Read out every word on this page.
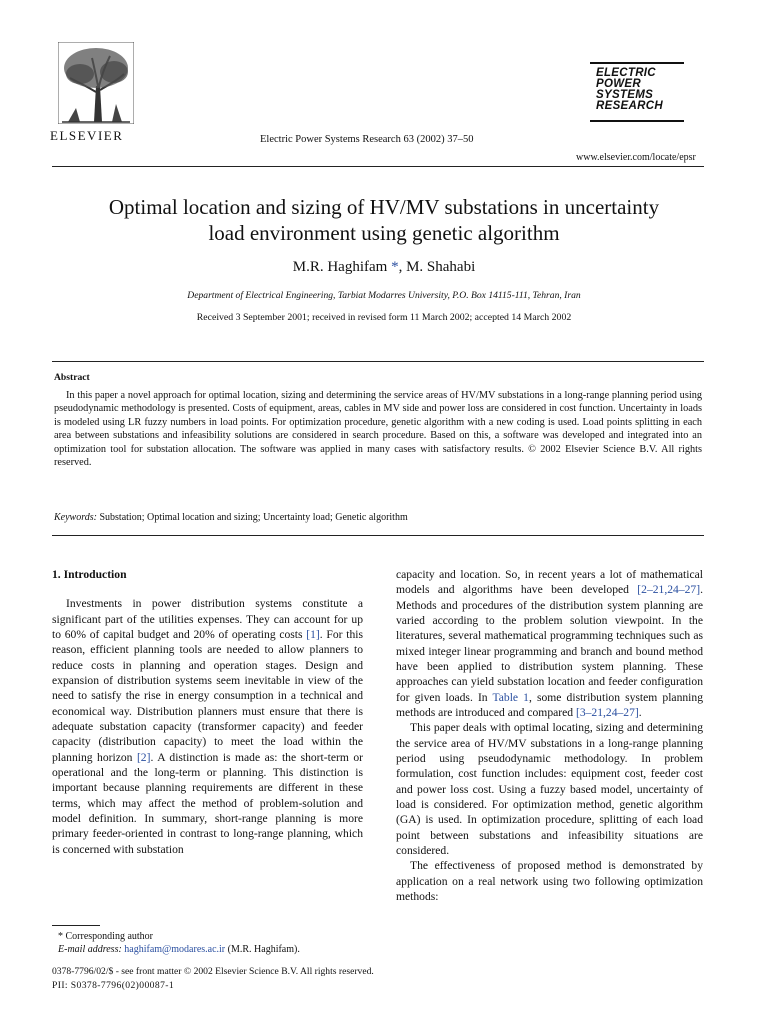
ELSEVIER	Electric Power Systems Research 63 (2002) 37–50
ELECTRIC
POWER
SYSTEMS
RESEARCH
www.elsevier.com/locate/epsr
Optimal location and sizing of HV/MV substations in uncertainty
load environment using genetic algorithm
M.R. Haghifam *, M. Shahabi
Department of Electrical Engineering, Tarbiat Modarres University, P.O. Box 14115-111, Tehran, Iran
Received 3 September 2001; received in revised form 11 March 2002; accepted 14 March 2002
Abstract
In this paper a novel approach for optimal location, sizing and determining the service areas of HV/MV substations in a long-range planning period using pseudodynamic methodology is presented. Costs of equipment, areas, cables in MV side and power loss are considered in cost function. Uncertainty in loads is modeled using LR fuzzy numbers in load points. For optimization procedure, genetic algorithm with a new coding is used. Load points splitting in each area between substations and infeasibility solutions are considered in search procedure. Based on this, a software was developed and integrated into an optimization tool for substation allocation. The software was applied in many cases with satisfactory results. © 2002 Elsevier Science B.V. All rights reserved.
Keywords: Substation; Optimal location and sizing; Uncertainty load; Genetic algorithm

1. Introduction

Investments in power distribution systems constitute a significant part of the utilities expenses. They can account for up to 60% of capital budget and 20% of operating costs [1]. For this reason, efficient planning tools are needed to allow planners to reduce costs in planning and operation stages. Design and expansion of distribution systems seem inevitable in view of the need to satisfy the rise in energy consumption in a technical and economical way. Distribution planners must ensure that there is adequate substation capacity (transformer capacity) and feeder capacity (distribution capacity) to meet the load within the planning horizon [2]. A distinction is made as: the short-term or operational and the long-term or planning. This distinction is important because planning requirements are different in these terms, which may affect the method of problem-solution and model definition. In summary, short-range planning is more primary feeder-oriented in contrast to long-range planning, which is concerned with substation

capacity and location. So, in recent years a lot of mathematical models and algorithms have been developed [2–21,24–27]. Methods and procedures of the distribution system planning are varied according to the problem solution viewpoint. In the literatures, several mathematical programming techniques such as mixed integer linear programming and branch and bound method have been applied to distribution system planning. These approaches can yield substation location and feeder configuration for given loads. In Table 1, some distribution system planning methods are introduced and compared [3–21,24–27].

This paper deals with optimal locating, sizing and determining the service area of HV/MV substations in a long-range planning period using pseudodynamic methodology. In problem formulation, cost function includes: equipment cost, feeder cost and power loss cost. Using a fuzzy based model, uncertainty of load is considered. For optimization method, genetic algorithm (GA) is used. In optimization procedure, splitting of each load point between substations and infeasibility situations are considered.

The effectiveness of proposed method is demonstrated by application on a real network using two following optimization methods:

* Corresponding author
E-mail address: haghifam@modares.ac.ir (M.R. Haghifam).
0378-7796/02/$ - see front matter © 2002 Elsevier Science B.V. All rights reserved.
PII: S0378-7796(02)00087-1
